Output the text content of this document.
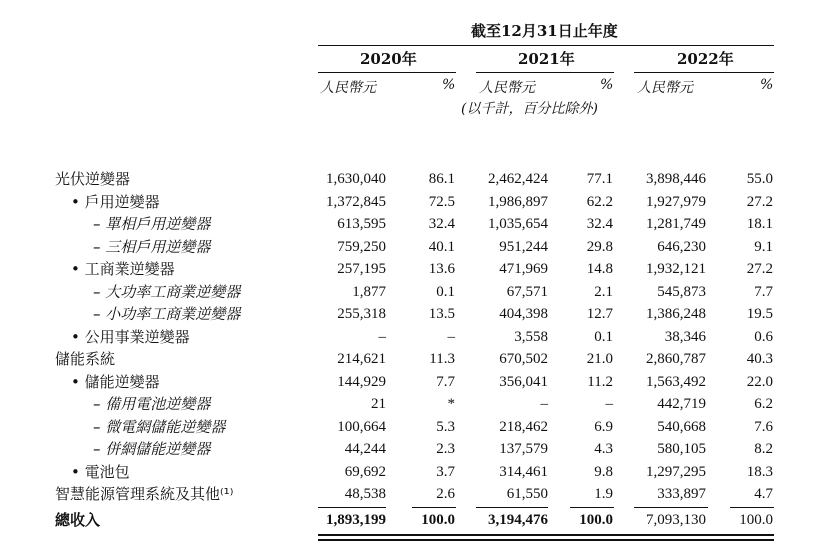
截至12月31日止年度
2020年	2021年	2022年
人民幣元	% 人民幣元	% 人民幣元	%
(以千計，百分比除外)
光伏逆變器	1,630,040	86.1	2,462,424	77.1	3,898,446	55.0
• 戶用逆變器	1,372,845	72.5	1,986,897	62.2	1,927,979	27.2
– 單相戶用逆變器	613,595	32.4	1,035,654	32.4	1,281,749	18.1
– 三相戶用逆變器	759,250	40.1	951,244	29.8	646,230	9.1
• 工商業逆變器	257,195	13.6	471,969	14.8	1,932,121	27.2
– 大功率工商業逆變器	1,877	0.1	67,571	2.1	545,873	7.7
– 小功率工商業逆變器	255,318	13.5	404,398	12.7	1,386,248	19.5
• 公用事業逆變器	–	–	3,558	0.1	38,346	0.6
儲能系統	214,621	11.3	670,502	21.0	2,860,787	40.3
• 儲能逆變器	144,929	7.7	356,041	11.2	1,563,492	22.0
– 備用電池逆變器	21	*	–	–	442,719	6.2
– 微電網儲能逆變器	100,664	5.3	218,462	6.9	540,668	7.6
– 併網儲能逆變器	44,244	2.3	137,579	4.3	580,105	8.2
• 電池包	69,692	3.7	314,461	9.8	1,297,295	18.3
智慧能源管理系統及其他⁽¹⁾	48,538	2.6	61,550	1.9	333,897	4.7
總收入	1,893,199	100.0	3,194,476	100.0	7,093,130	100.0
